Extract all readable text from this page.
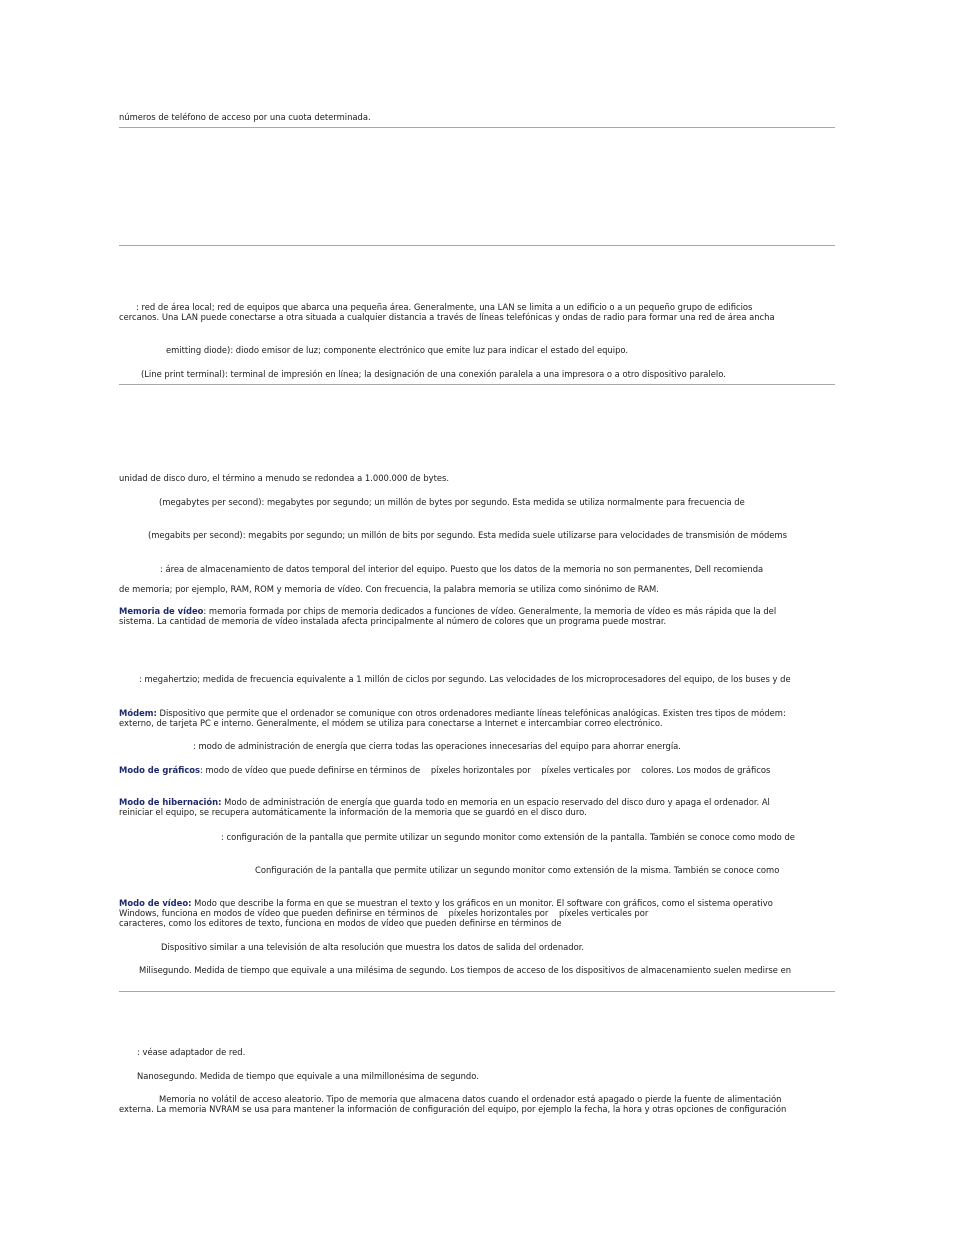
números de teléfono de acceso por una cuota determinada.
: red de área local; red de equipos que abarca una pequeña área. Generalmente, una LAN se limita a un edificio o a un pequeño grupo de edificios
cercanos. Una LAN puede conectarse a otra situada a cualquier distancia a través de líneas telefónicas y ondas de radio para formar una red de área ancha
emitting diode): diodo emisor de luz; componente electrónico que emite luz para indicar el estado del equipo.
(Line print terminal): terminal de impresión en línea; la designación de una conexión paralela a una impresora o a otro dispositivo paralelo.
unidad de disco duro, el término a menudo se redondea a 1.000.000 de bytes.
(megabytes per second): megabytes por segundo; un millón de bytes por segundo. Esta medida se utiliza normalmente para frecuencia de
(megabits per second): megabits por segundo; un millón de bits por segundo. Esta medida suele utilizarse para velocidades de transmisión de módems
: área de almacenamiento de datos temporal del interior del equipo. Puesto que los datos de la memoria no son permanentes, Dell recomienda
de memoria; por ejemplo, RAM, ROM y memoria de vídeo. Con frecuencia, la palabra memoria se utiliza como sinónimo de RAM.
Memoria de vídeo: memoria formada por chips de memoria dedicados a funciones de vídeo. Generalmente, la memoria de vídeo es más rápida que la del
sistema. La cantidad de memoria de vídeo instalada afecta principalmente al número de colores que un programa puede mostrar.
: megahertzio; medida de frecuencia equivalente a 1 millón de ciclos por segundo. Las velocidades de los microprocesadores del equipo, de los buses y de
Módem: Dispositivo que permite que el ordenador se comunique con otros ordenadores mediante líneas telefónicas analógicas. Existen tres tipos de módem:
externo, de tarjeta PC e interno. Generalmente, el módem se utiliza para conectarse a Internet e intercambiar correo electrónico.
: modo de administración de energía que cierra todas las operaciones innecesarias del equipo para ahorrar energía.
Modo de gráficos: modo de vídeo que puede definirse en términos de    píxeles horizontales por    píxeles verticales por    colores. Los modos de gráficos
Modo de hibernación: Modo de administración de energía que guarda todo en memoria en un espacio reservado del disco duro y apaga el ordenador. Al
reiniciar el equipo, se recupera automáticamente la información de la memoria que se guardó en el disco duro.
: configuración de la pantalla que permite utilizar un segundo monitor como extensión de la pantalla. También se conoce como modo de
Configuración de la pantalla que permite utilizar un segundo monitor como extensión de la misma. También se conoce como
Modo de vídeo: Modo que describe la forma en que se muestran el texto y los gráficos en un monitor. El software con gráficos, como el sistema operativo
Windows, funciona en modos de vídeo que pueden definirse en términos de    píxeles horizontales por    píxeles verticales por
caracteres, como los editores de texto, funciona en modos de vídeo que pueden definirse en términos de
Dispositivo similar a una televisión de alta resolución que muestra los datos de salida del ordenador.
Milisegundo. Medida de tiempo que equivale a una milésima de segundo. Los tiempos de acceso de los dispositivos de almacenamiento suelen medirse en
: véase adaptador de red.
Nanosegundo. Medida de tiempo que equivale a una milmillonésima de segundo.
Memoria no volátil de acceso aleatorio. Tipo de memoria que almacena datos cuando el ordenador está apagado o pierde la fuente de alimentación
externa. La memoria NVRAM se usa para mantener la información de configuración del equipo, por ejemplo la fecha, la hora y otras opciones de configuración
